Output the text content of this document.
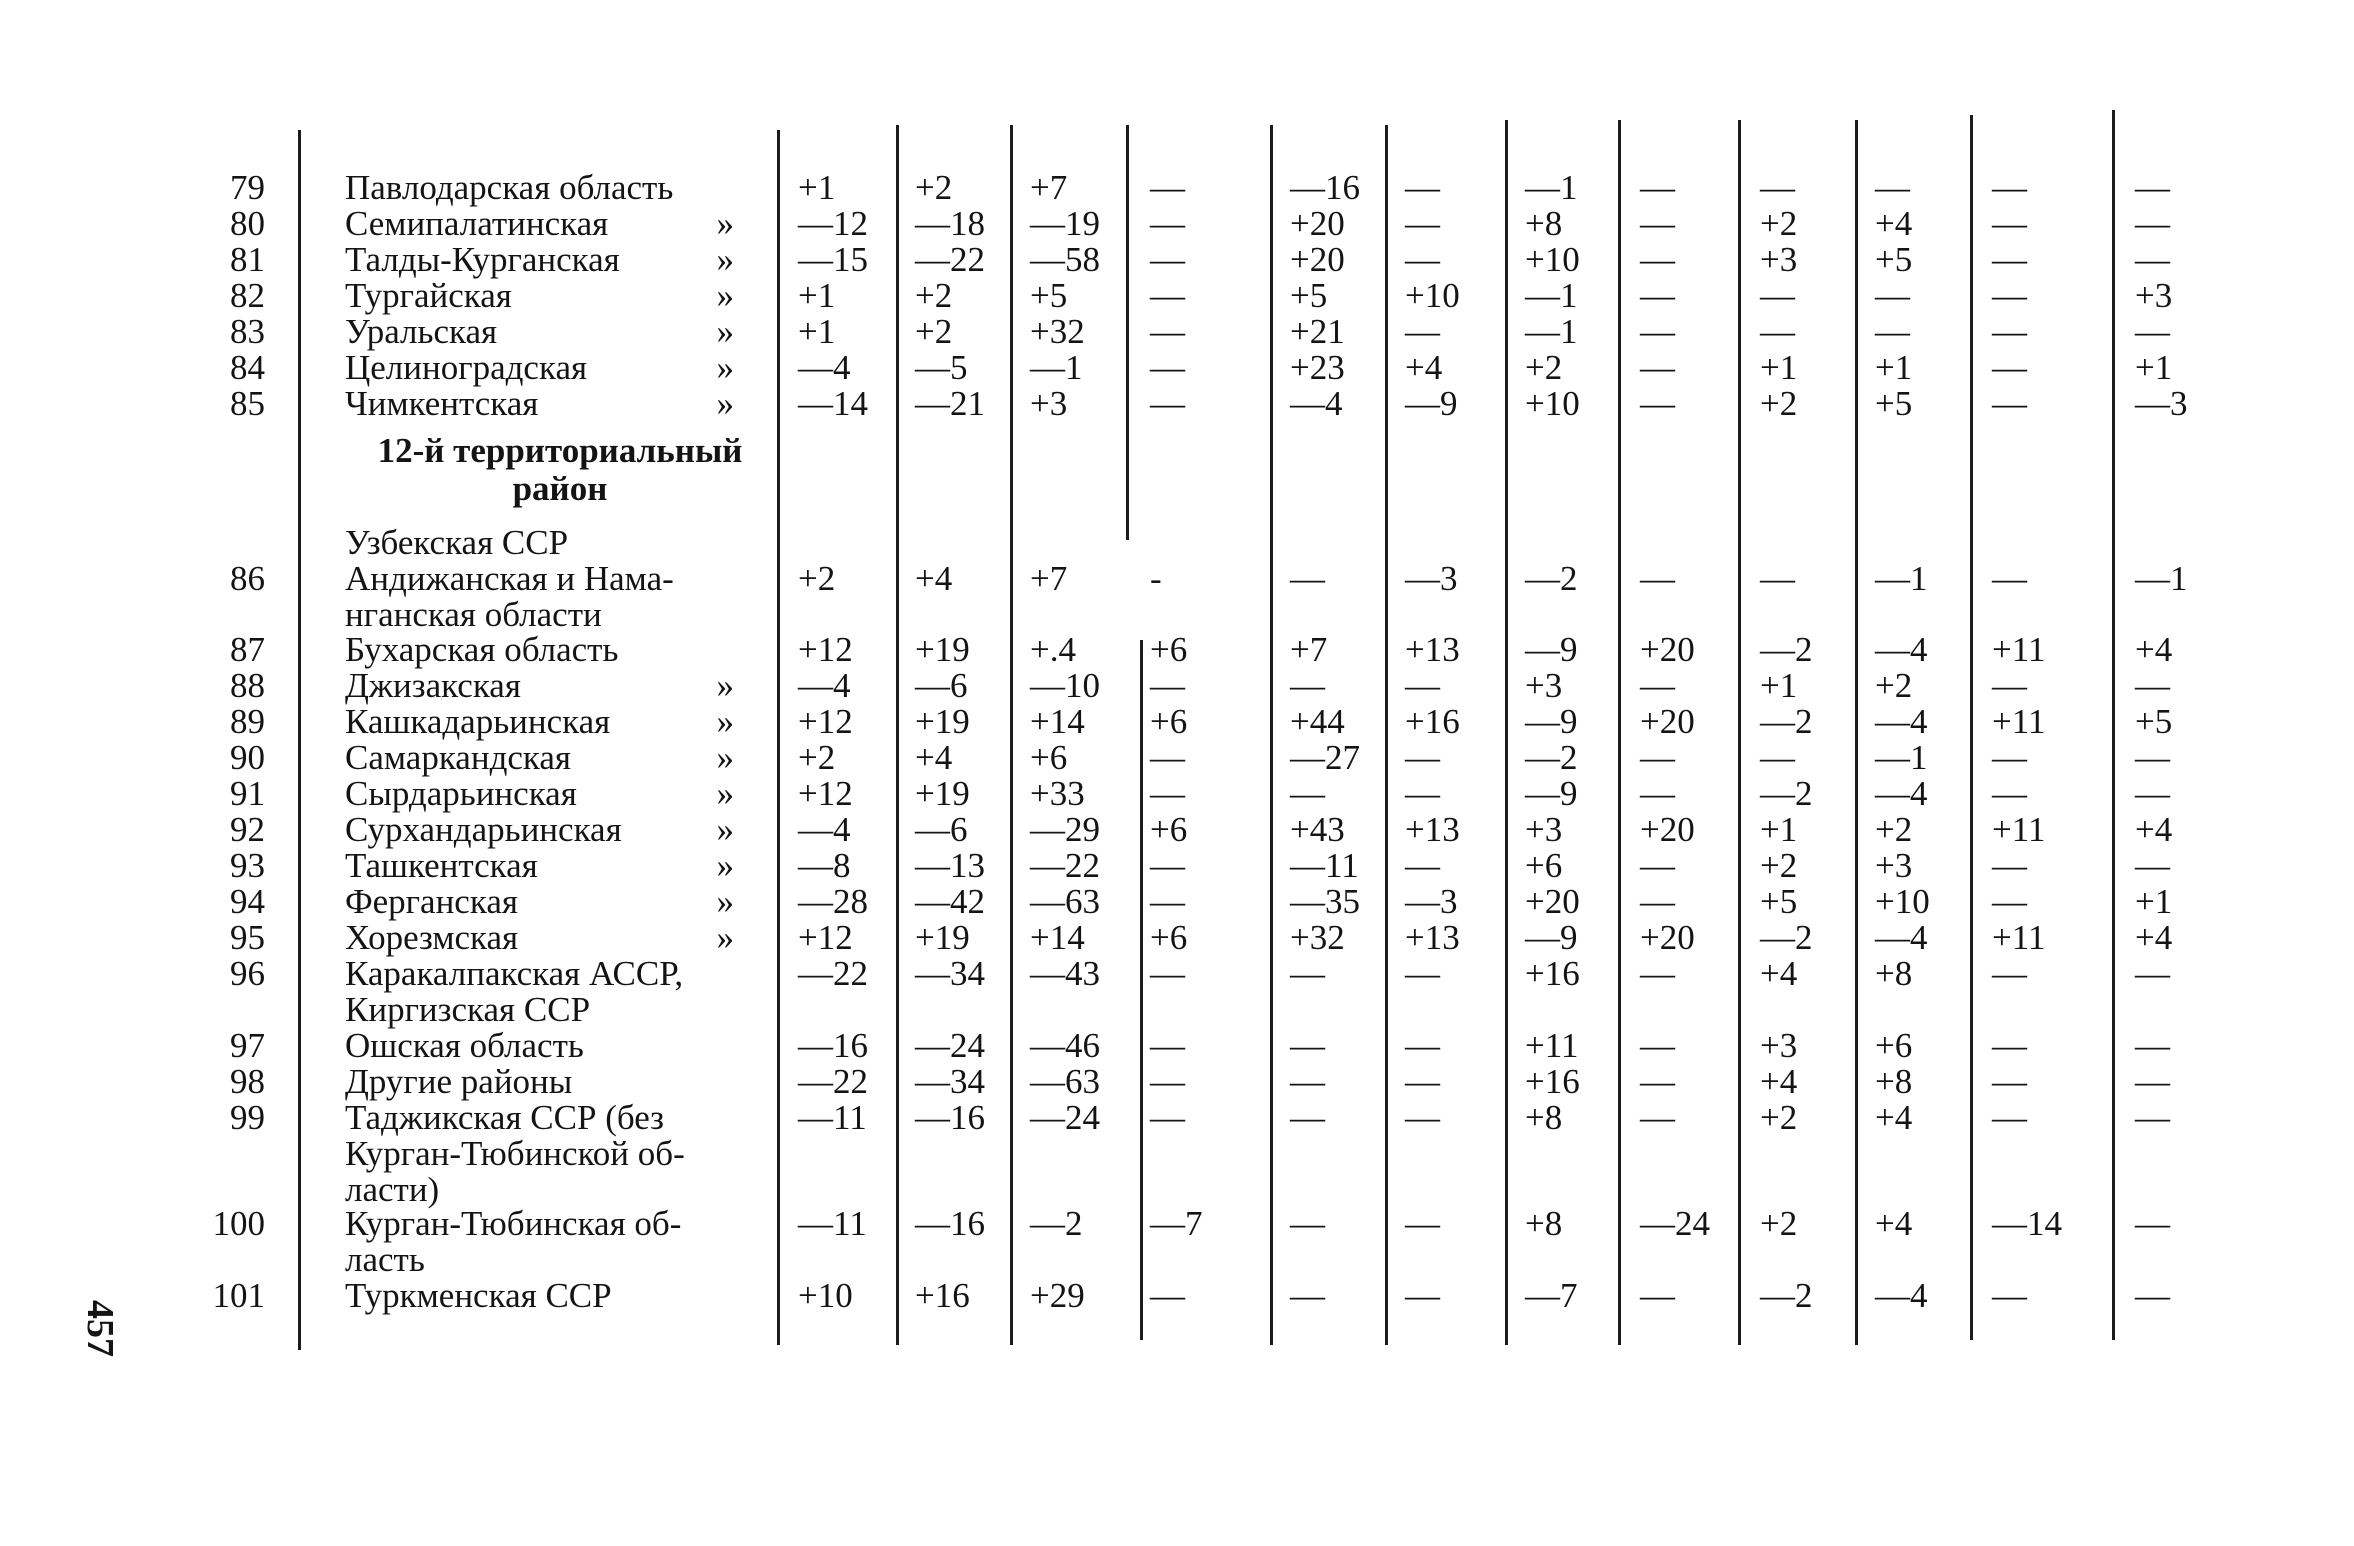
12-й территориальный район
79 Павлодарская область	+1	+2	+7	—	—16	—	—1	—	—	—	—	—
80 Семипалатинская	» —12	—18	—19	—	+20	—	+8	—	+2	+4	—	—
81 Талды-Курганская	» —15	—22	—58	—	+20	—	+10	—	+3	+5	—	—
82 Тургайская	» +1	+2	+5	—	+5	+10	—1	—	—	—	—	+3
83 Уральская	» +1	+2	+32	—	+21	—	—1	—	—	—	—	—
84 Целиноградская	» —4	—5	—1	—	+23	+4	+2	—	+1	+1	—	+1
85 Чимкентская	» —14	—21	+3	—	—4	—9	+10	—	+2	+5	—	—3
Узбекская ССР
86 Андижанская и Нама-	+2	+4	+7	-	—	—3	—2	—	—	—1	—	—1
нганская области
87 Бухарская область	+12	+19	+.4	+6	+7	+13	—9	+20	—2	—4	+11	+4
88 Джизакская	» —4	—6	—10	—	—	—	+3	—	+1	+2	—	—
89 Кашкадарьинская	» +12	+19	+14	+6	+44	+16	—9	+20	—2	—4	+11	+5
90 Самаркандская	» +2	+4	+6	—	—27	—	—2	—	—	—1	—	—
91 Сырдарьинская	» +12	+19	+33	—	—	—	—9	—	—2	—4	—	—
92 Сурхандарьинская	» —4	—6	—29	+6	+43	+13	+3	+20	+1	+2	+11	+4
93 Ташкентская	» —8	—13	—22	—	—11	—	+6	—	+2	+3	—	—
94 Ферганская	» —28	—42	—63	—	—35	—3	+20	—	+5	+10	—	+1
95 Хорезмская	» +12	+19	+14	+6	+32	+13	—9	+20	—2	—4	+11	+4
96 Каракалпакская АССР,	—22	—34	—43	—	—	—	+16	—	+4	+8	—	—
Киргизская ССР
97 Ошская область	—16	—24	—46	—	—	—	+11	—	+3	+6	—	—
98 Другие районы	—22	—34	—63	—	—	—	+16	—	+4	+8	—	—
99 Таджикская ССР (без	—11	—16	—24	—	—	—	+8	—	+2	+4	—	—
Курган-Тюбинской об-
ласти)
100 Курган-Тюбинская об-	—11	—16	—2	—7	—	—	+8	—24	+2	+4	—14	—
ласть
101 Туркменская ССР	+10	+16	+29	—	—	—	—7	—	—2	—4	—	—
457
